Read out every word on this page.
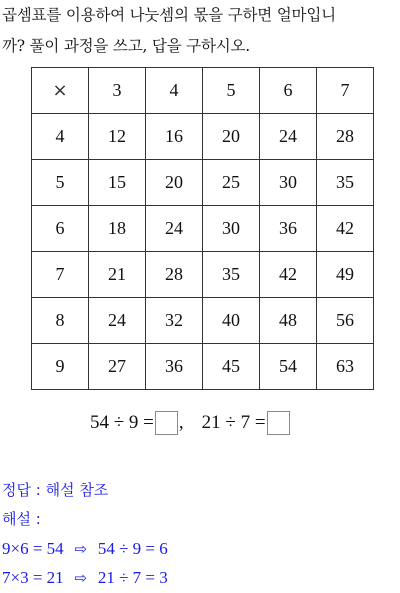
곱셈표를 이용하여 나눗셈의 몫을 구하면 얼마입니
까? 풀이 과정을 쓰고, 답을 구하시오.
×	3	4	5	6	7
4	12	16	20	24	28
5	15	20	25	30	35
6	18	24	30	36	42
7	21	28	35	42	49
8	24	32	40	48	56
9	27	36	45	54	63
54 ÷ 9 = , 21 ÷ 7 =
정답 : 해설 참조
해설 :
9×6 = 54 ⇨ 54 ÷ 9 = 6
7×3 = 21 ⇨ 21 ÷ 7 = 3
